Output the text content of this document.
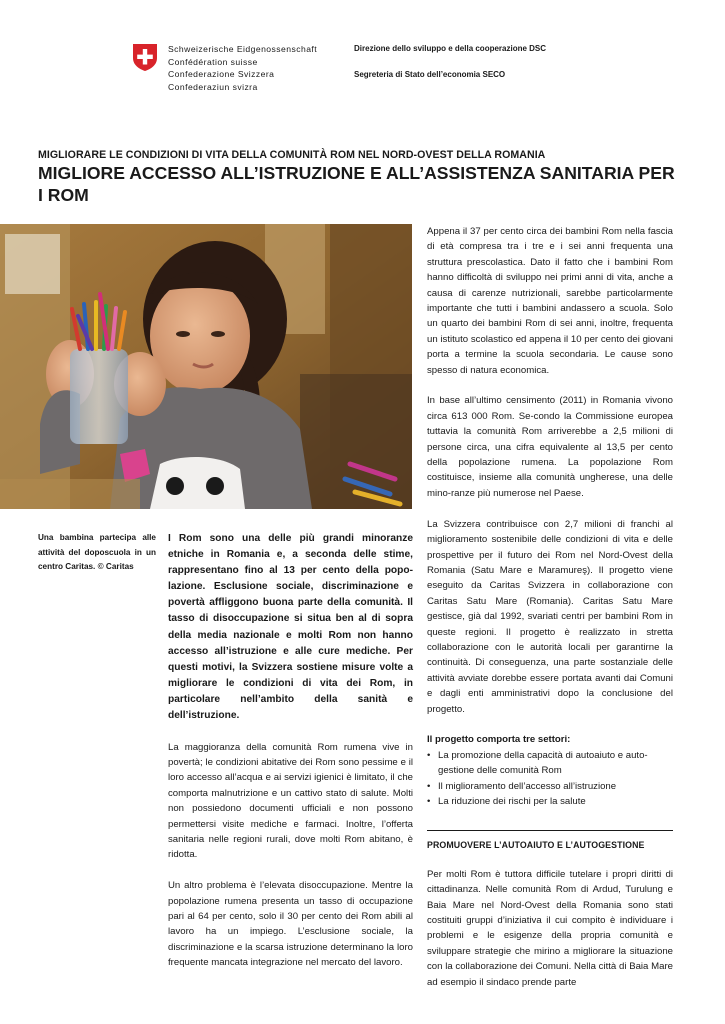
Schweizerische Eidgenossenschaft
Confédération suisse
Confederazione Svizzera
Confederaziun svizra
Direzione dello sviluppo e della cooperazione DSC
Segreteria di Stato dell’economia SECO
MIGLIORARE LE CONDIZIONI DI VITA DELLA COMUNITÀ ROM NEL NORD-OVEST DELLA ROMANIA
MIGLIORE ACCESSO ALL’ISTRUZIONE E ALL’ASSISTENZA SANITARIA PER I ROM
Una bambina partecipa alle attività del doposcuola in un centro Caritas. © Caritas

I Rom sono una delle più grandi minoranze etniche in Romania e, a seconda delle stime, rappresentano fino al 13 per cento della popolazione. Esclusione sociale, discriminazione e povertà affliggono buona parte della comunità. Il tasso di disoccupazione si situa ben al di sopra della media nazionale e molti Rom non hanno accesso all’istruzione e alle cure mediche. Per questi motivi, la Svizzera sostiene misure volte a migliorare le condizioni di vita dei Rom, in particolare nell’ambito della sanità e dell’istruzione.

La maggioranza della comunità Rom rumena vive in povertà; le condizioni abitative dei Rom sono pessime e il loro accesso all’acqua e ai servizi igienici è limitato, il che comporta malnutrizione e un cattivo stato di salute. Molti non possiedono documenti ufficiali e non possono permettersi visite mediche e farmaci. Inoltre, l’offerta sanitaria nelle regioni rurali, dove molti Rom abitano, è ridotta.

Un altro problema è l’elevata disoccupazione. Mentre la popolazione rumena presenta un tasso di occupazione pari al 64 per cento, solo il 30 per cento dei Rom abili al lavoro ha un impiego. L’esclusione sociale, la discriminazione e la scarsa istruzione determinano la loro frequente mancata integrazione nel mercato del lavoro.

Appena il 37 per cento circa dei bambini Rom nella fascia di età compresa tra i tre e i sei anni frequenta una struttura prescolastica. Dato il fatto che i bambini Rom hanno difficoltà di sviluppo nei primi anni di vita, anche a causa di carenze nutrizionali, sarebbe particolarmente importante che tutti i bambini andassero a scuola. Solo un quarto dei bambini Rom di sei anni, inoltre, frequenta un istituto scolastico ed appena il 10 per cento dei giovani porta a termine la scuola secondaria. Le cause sono spesso di natura economica.

In base all’ultimo censimento (2011) in Romania vivono circa 613 000 Rom. Se-condo la Commissione europea tuttavia la comunità Rom arriverebbe a 2,5 milioni di persone circa, una cifra equivalente al 13,5 per cento della popolazione rumena. La popolazione Rom costituisce, insieme alla comunità ungherese, una delle mino-ranze più numerose nel Paese.

La Svizzera contribuisce con 2,7 milioni di franchi al miglioramento sostenibile delle condizioni di vita e delle prospettive per il futuro dei Rom nel Nord-Ovest della Romania (Satu Mare e Maramureş). Il progetto viene eseguito da Caritas Svizzera in collaborazione con Caritas Satu Mare (Romania). Caritas Satu Mare gestisce, già dal 1992, svariati centri per bambini Rom in queste regioni. Il progetto è realizzato in stretta collaborazione con le autorità locali per garantirne la continuità. Di conseguenza, una parte sostanziale delle attività avviate dorebbe essere portata avanti dai Comuni e dagli enti amministrativi dopo la conclusione del progetto.

Il progetto comporta tre settori:
• La promozione della capacità di autoaiuto e autogestione delle comunità Rom
• Il miglioramento dell’accesso all’istruzione
• La riduzione dei rischi per la salute
PROMUOVERE L’AUTOAIUTO E L’AUTOGESTIONE

Per molti Rom è tuttora difficile tutelare i propri diritti di cittadinanza. Nelle comunità Rom di Ardud, Turulung e Baia Mare nel Nord-Ovest della Romania sono stati costituiti gruppi d’iniziativa il cui compito è individuare i problemi e le esigenze della propria comunità e sviluppare strategie che mirino a migliorare la situazione con la collaborazione dei Comuni. Nella città di Baia Mare ad esempio il sindaco prende parte
